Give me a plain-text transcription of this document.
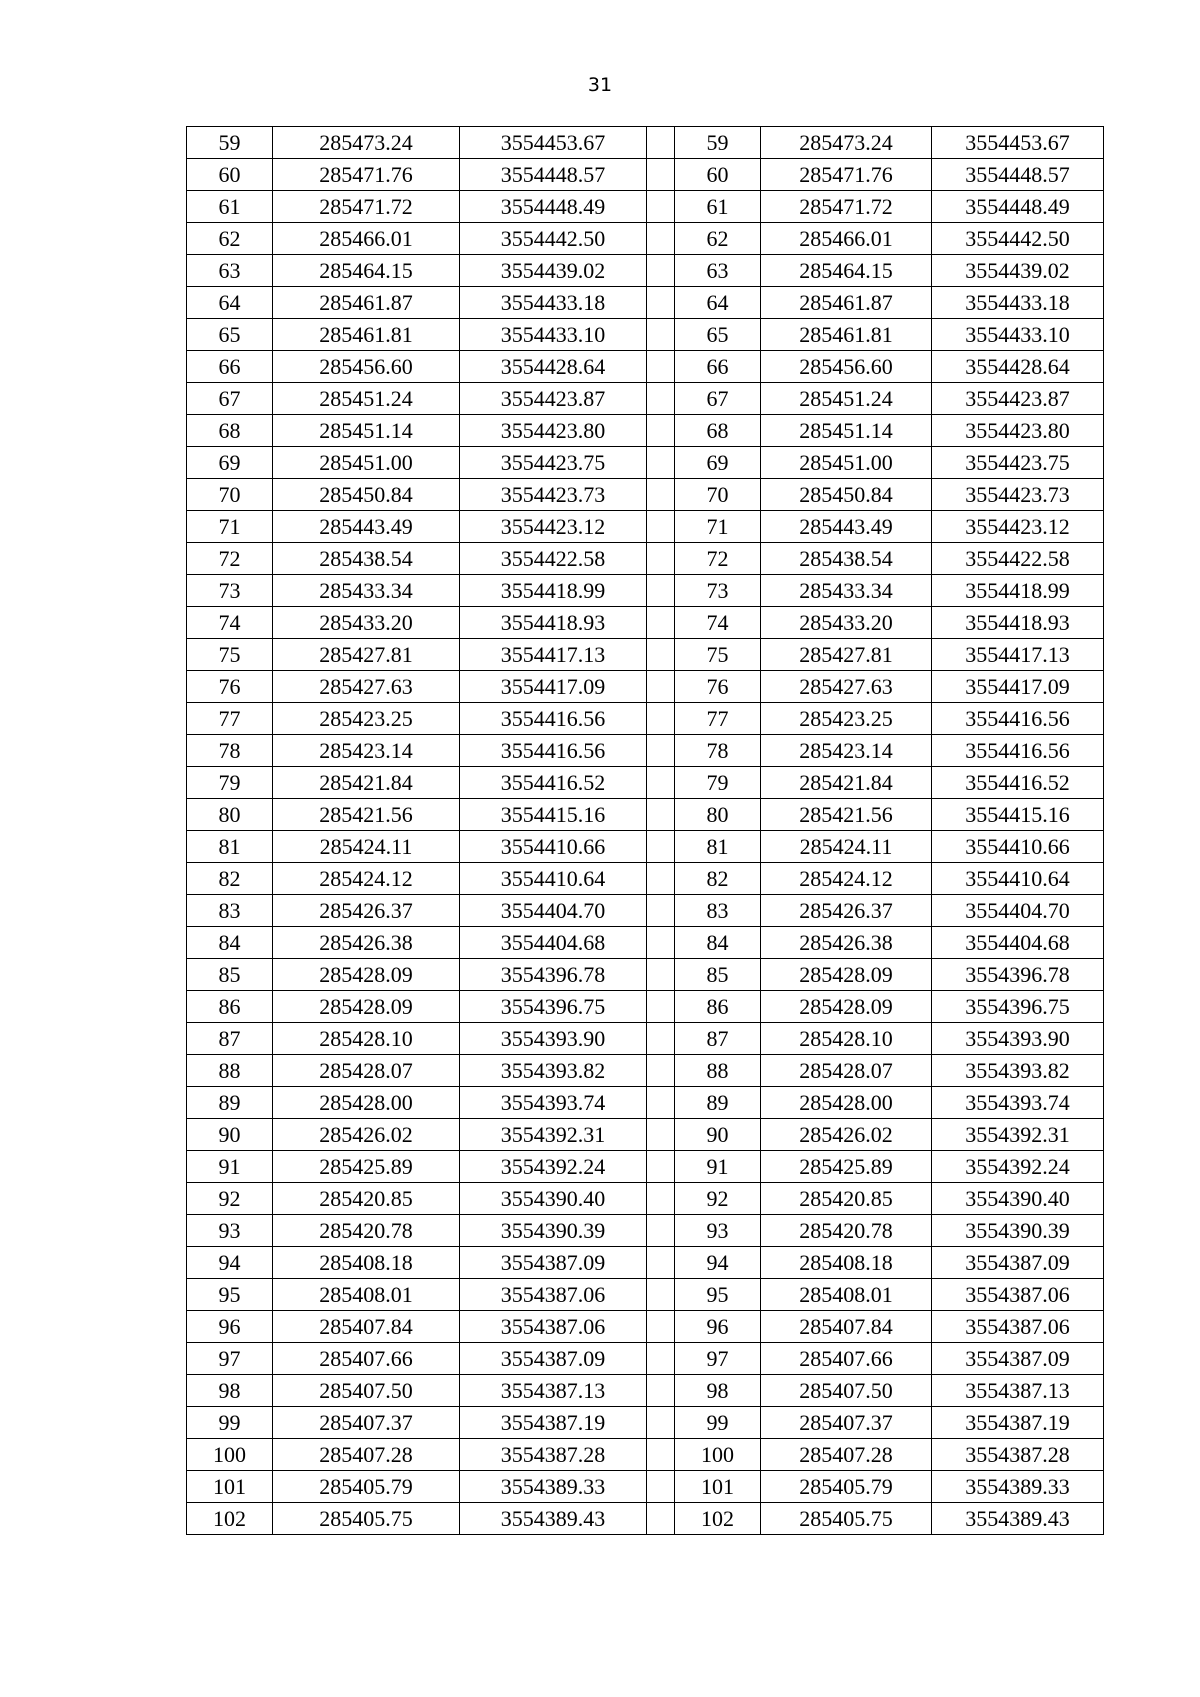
31
59	285473.24	3554453.67		59	285473.24	3554453.67
60	285471.76	3554448.57		60	285471.76	3554448.57
61	285471.72	3554448.49		61	285471.72	3554448.49
62	285466.01	3554442.50		62	285466.01	3554442.50
63	285464.15	3554439.02		63	285464.15	3554439.02
64	285461.87	3554433.18		64	285461.87	3554433.18
65	285461.81	3554433.10		65	285461.81	3554433.10
66	285456.60	3554428.64		66	285456.60	3554428.64
67	285451.24	3554423.87		67	285451.24	3554423.87
68	285451.14	3554423.80		68	285451.14	3554423.80
69	285451.00	3554423.75		69	285451.00	3554423.75
70	285450.84	3554423.73		70	285450.84	3554423.73
71	285443.49	3554423.12		71	285443.49	3554423.12
72	285438.54	3554422.58		72	285438.54	3554422.58
73	285433.34	3554418.99		73	285433.34	3554418.99
74	285433.20	3554418.93		74	285433.20	3554418.93
75	285427.81	3554417.13		75	285427.81	3554417.13
76	285427.63	3554417.09		76	285427.63	3554417.09
77	285423.25	3554416.56		77	285423.25	3554416.56
78	285423.14	3554416.56		78	285423.14	3554416.56
79	285421.84	3554416.52		79	285421.84	3554416.52
80	285421.56	3554415.16		80	285421.56	3554415.16
81	285424.11	3554410.66		81	285424.11	3554410.66
82	285424.12	3554410.64		82	285424.12	3554410.64
83	285426.37	3554404.70		83	285426.37	3554404.70
84	285426.38	3554404.68		84	285426.38	3554404.68
85	285428.09	3554396.78		85	285428.09	3554396.78
86	285428.09	3554396.75		86	285428.09	3554396.75
87	285428.10	3554393.90		87	285428.10	3554393.90
88	285428.07	3554393.82		88	285428.07	3554393.82
89	285428.00	3554393.74		89	285428.00	3554393.74
90	285426.02	3554392.31		90	285426.02	3554392.31
91	285425.89	3554392.24		91	285425.89	3554392.24
92	285420.85	3554390.40		92	285420.85	3554390.40
93	285420.78	3554390.39		93	285420.78	3554390.39
94	285408.18	3554387.09		94	285408.18	3554387.09
95	285408.01	3554387.06		95	285408.01	3554387.06
96	285407.84	3554387.06		96	285407.84	3554387.06
97	285407.66	3554387.09		97	285407.66	3554387.09
98	285407.50	3554387.13		98	285407.50	3554387.13
99	285407.37	3554387.19		99	285407.37	3554387.19
100	285407.28	3554387.28		100	285407.28	3554387.28
101	285405.79	3554389.33		101	285405.79	3554389.33
102	285405.75	3554389.43		102	285405.75	3554389.43
